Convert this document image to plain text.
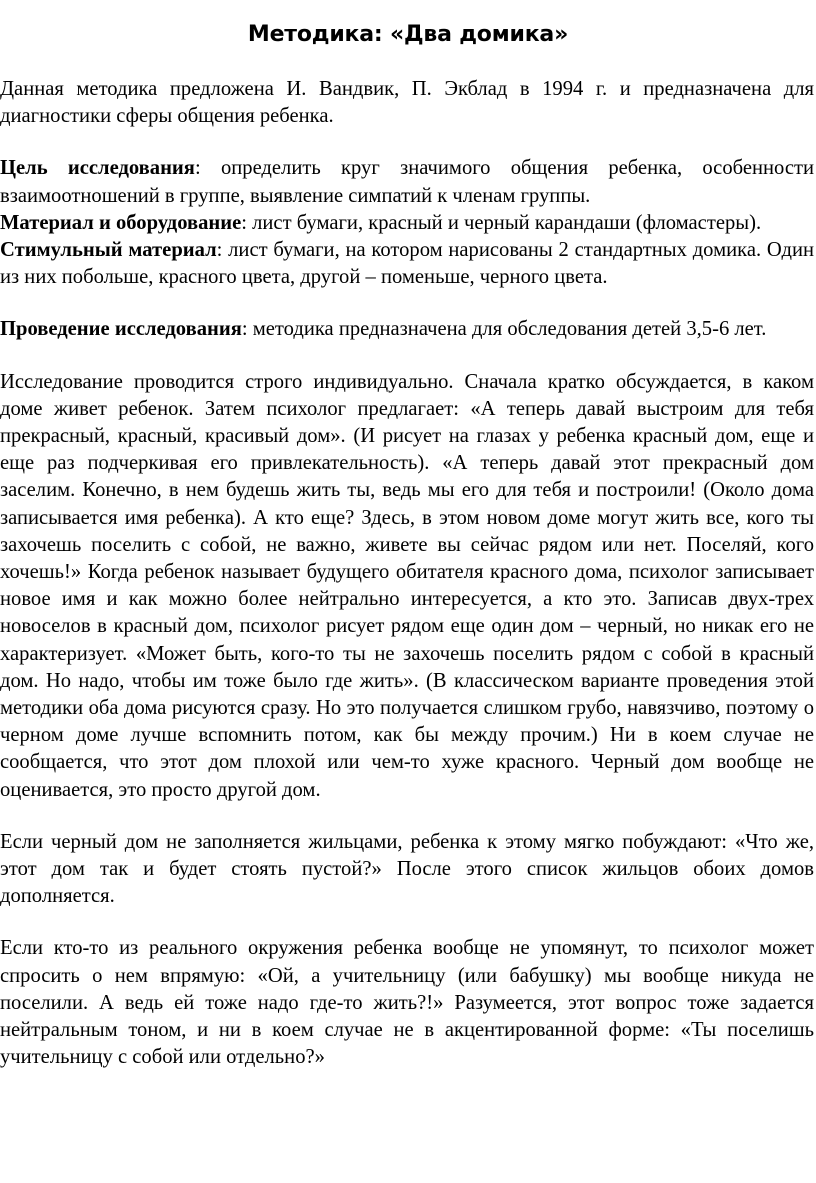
Методика: «Два домика»

Данная методика предложена И. Вандвик, П. Экблад в 1994 г. и предназначена для диагностики сферы общения ребенка.

Цель исследования: определить круг значимого общения ребенка, особенности взаимоотношений в группе, выявление симпатий к членам группы.

Материал и оборудование: лист бумаги, красный и черный карандаши (фломастеры).

Стимульный материал: лист бумаги, на котором нарисованы 2 стандартных домика. Один из них побольше, красного цвета, другой – поменьше, черного цвета.

Проведение исследования: методика предназначена для обследования детей 3,5-6 лет.

Исследование проводится строго индивидуально. Сначала кратко обсуждается, в каком доме живет ребенок. Затем психолог предлагает: «А теперь давай выстроим для тебя прекрасный, красный, красивый дом». (И рисует на глазах у ребенка красный дом, еще и еще раз подчеркивая его привлекательность). «А теперь давай этот прекрасный дом заселим. Конечно, в нем будешь жить ты, ведь мы его для тебя и построили! (Около дома записывается имя ребенка). А кто еще? Здесь, в этом новом доме могут жить все, кого ты захочешь поселить с собой, не важно, живете вы сейчас рядом или нет. Поселяй, кого хочешь!» Когда ребенок называет будущего обитателя красного дома, психолог записывает новое имя и как можно более нейтрально интересуется, а кто это. Записав двух-трех новоселов в красный дом, психолог рисует рядом еще один дом – черный, но никак его не характеризует. «Может быть, кого-то ты не захочешь поселить рядом с собой в красный дом. Но надо, чтобы им тоже было где жить». (В классическом варианте проведения этой методики оба дома рисуются сразу. Но это получается слишком грубо, навязчиво, поэтому о черном доме лучше вспомнить потом, как бы между прочим.) Ни в коем случае не сообщается, что этот дом плохой или чем-то хуже красного. Черный дом вообще не оценивается, это просто другой дом.

Если черный дом не заполняется жильцами, ребенка к этому мягко побуждают: «Что же, этот дом так и будет стоять пустой?» После этого список жильцов обоих домов дополняется.

Если кто-то из реального окружения ребенка вообще не упомянут, то психолог может спросить о нем впрямую: «Ой, а учительницу (или бабушку) мы вообще никуда не поселили. А ведь ей тоже надо где-то жить?!» Разумеется, этот вопрос тоже задается нейтральным тоном, и ни в коем случае не в акцентированной форме: «Ты поселишь учительницу с собой или отдельно?»
